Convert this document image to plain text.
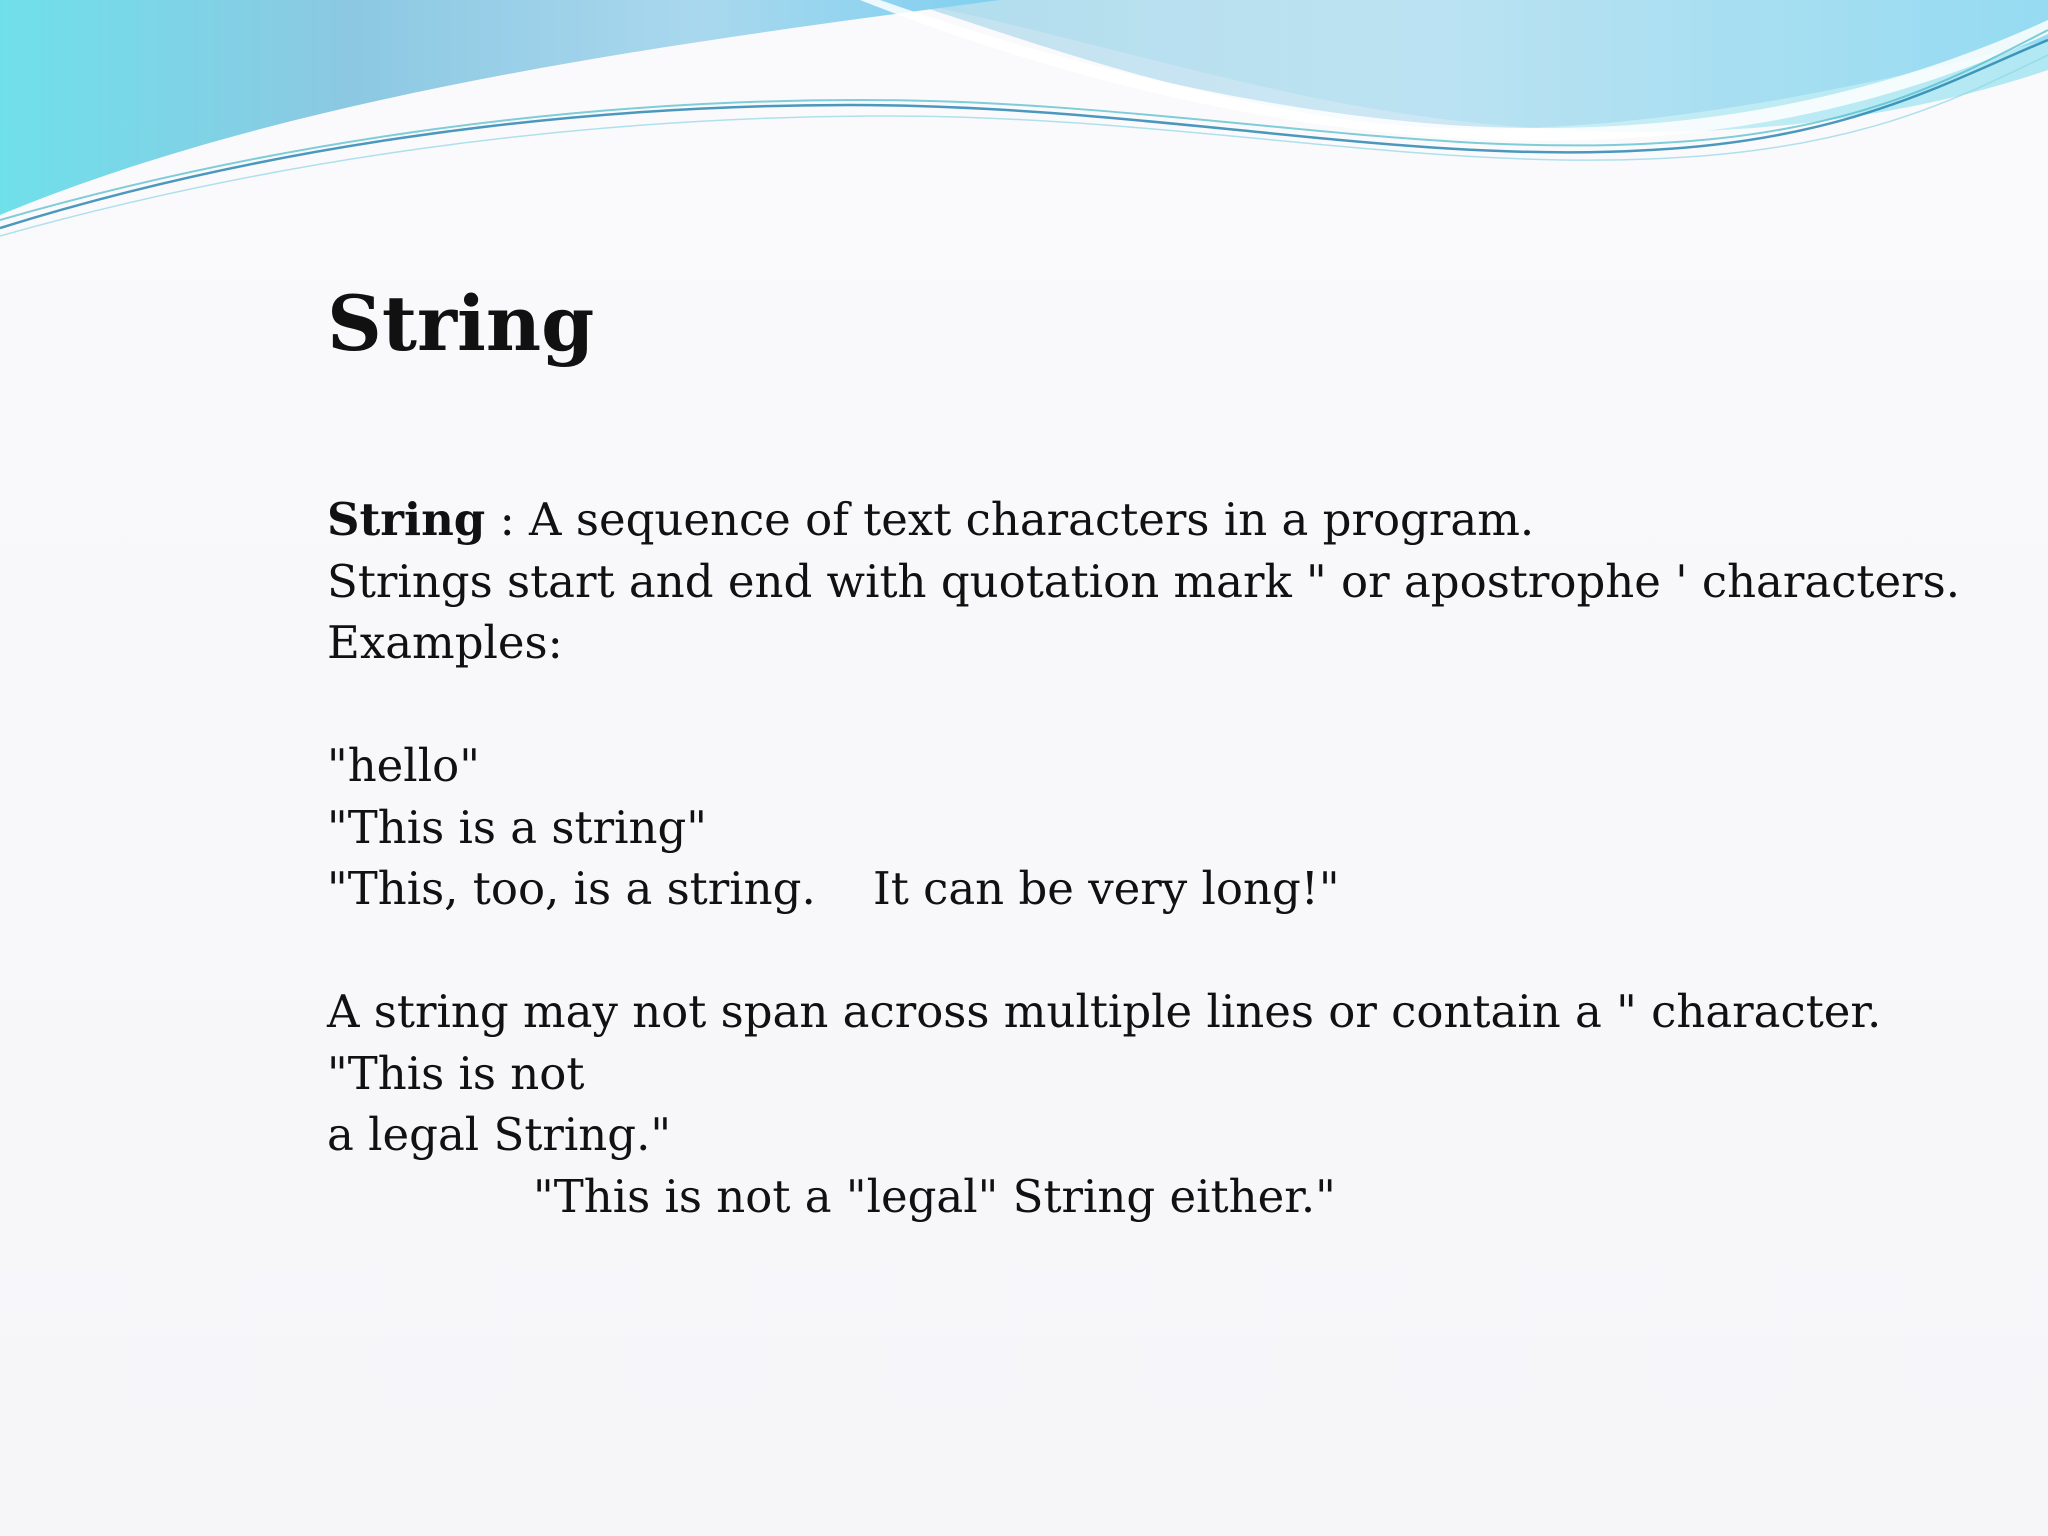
String
String : A sequence of text characters in a program.
Strings start and end with quotation mark " or apostrophe ' characters.
Examples:
"hello"
"This is a string"
"This, too, is a string.    It can be very long!"
A string may not span across multiple lines or contain a " character.
"This is not
a legal String."
"This is not a "legal" String either."
